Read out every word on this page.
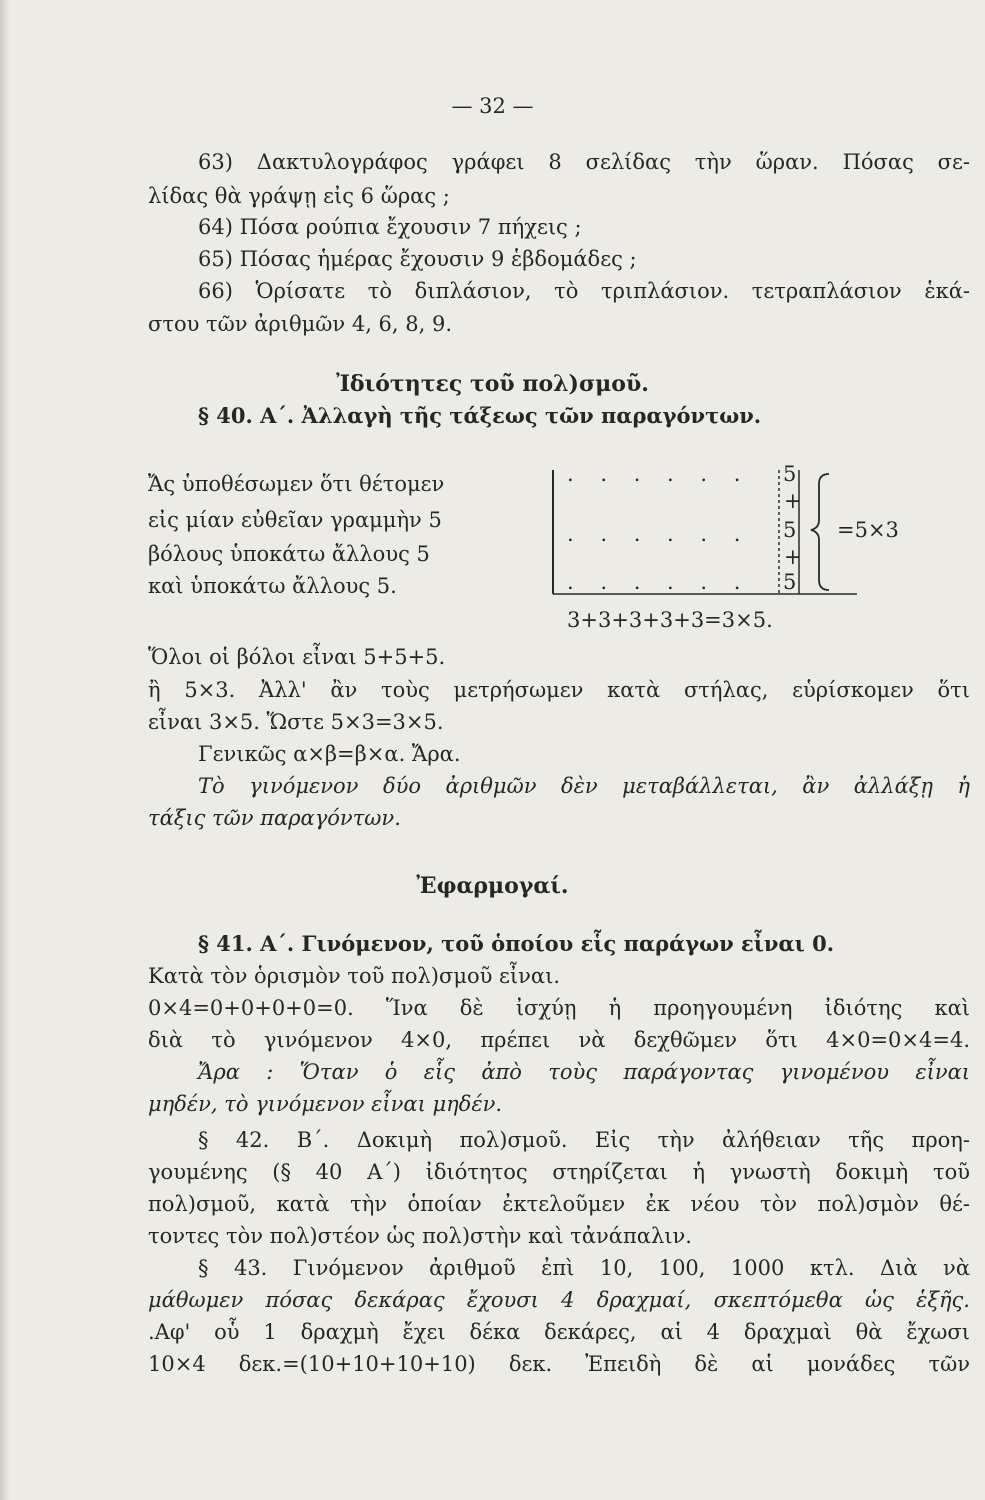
— 32 —
63) Δακτυλογράφος γράφει 8 σελίδας τὴν ὥραν. Πόσας σε-
λίδας θὰ γράψῃ εἰς 6 ὥρας ;
64) Πόσα ρούπια ἔχουσιν 7 πήχεις ;
65) Πόσας ἡμέρας ἔχουσιν 9 ἑβδομάδες ;
66) Ὁρίσατε τὸ διπλάσιον, τὸ τριπλάσιον. τετραπλάσιον ἑκά-
στου τῶν ἀριθμῶν 4, 6, 8, 9.
Ἰδιότητες τοῦ πολ)σμοῦ.
§ 40. Α΄. Ἀλλαγὴ τῆς τάξεως τῶν παραγόντων.
Ἄς ὑποθέσωμεν ὅτι θέτομεν
εἰς μίαν εὐθεῖαν γραμμὴν 5
βόλους ὑποκάτω ἄλλους 5
καὶ ὑποκάτω ἄλλους 5.
. . . . . .
. . . . . .
. . . . . .
5
+
5
+
5
=5×3
3+3+3+3+3=3×5.
Ὅλοι οἱ βόλοι εἶναι 5+5+5.
ἢ 5×3. Ἀλλ' ἂν τοὺς μετρήσωμεν κατὰ στήλας, εὑρίσκομεν ὅτι
εἶναι 3×5. Ὥστε 5×3=3×5.
Γενικῶς α×β=β×α. Ἄρα.
Τὸ γινόμενον δύο ἀριθμῶν δὲν μεταβάλλεται, ἂν ἀλλάξῃ ἡ
τάξις τῶν παραγόντων.
Ἐφαρμογαί.
§ 41. Α΄. Γινόμενον, τοῦ ὁποίου εἷς παράγων εἶναι 0.
Κατὰ τὸν ὁρισμὸν τοῦ πολ)σμοῦ εἶναι.
0×4=0+0+0+0=0. Ἵνα δὲ ἰσχύῃ ἡ προηγουμένη ἰδιότης καὶ
διὰ τὸ γινόμενον 4×0, πρέπει νὰ δεχθῶμεν ὅτι 4×0=0×4=4.
Ἄρα : Ὅταν ὁ εἷς ἀπὸ τοὺς παράγοντας γινομένου εἶναι
μηδέν, τὸ γινόμενον εἶναι μηδέν.
§ 42. Β΄. Δοκιμὴ πολ)σμοῦ. Εἰς τὴν ἀλήθειαν τῆς προη-
γουμένης (§ 40 Α΄) ἰδιότητος στηρίζεται ἡ γνωστὴ δοκιμὴ τοῦ
πολ)σμοῦ, κατὰ τὴν ὁποίαν ἐκτελοῦμεν ἐκ νέου τὸν πολ)σμὸν θέ-
τοντες τὸν πολ)στέον ὡς πολ)στὴν καὶ τἀνάπαλιν.
§ 43. Γινόμενον ἀριθμοῦ ἐπὶ 10, 100, 1000 κτλ. Διὰ νὰ
μάθωμεν πόσας δεκάρας ἔχουσι 4 δραχμαί, σκεπτόμεθα ὡς ἑξῆς.
.Αφ' οὗ 1 δραχμὴ ἔχει δέκα δεκάρες, αἱ 4 δραχμαὶ θὰ ἔχωσι
10×4 δεκ.=(10+10+10+10) δεκ. Ἐπειδὴ δὲ αἱ μονάδες τῶν
